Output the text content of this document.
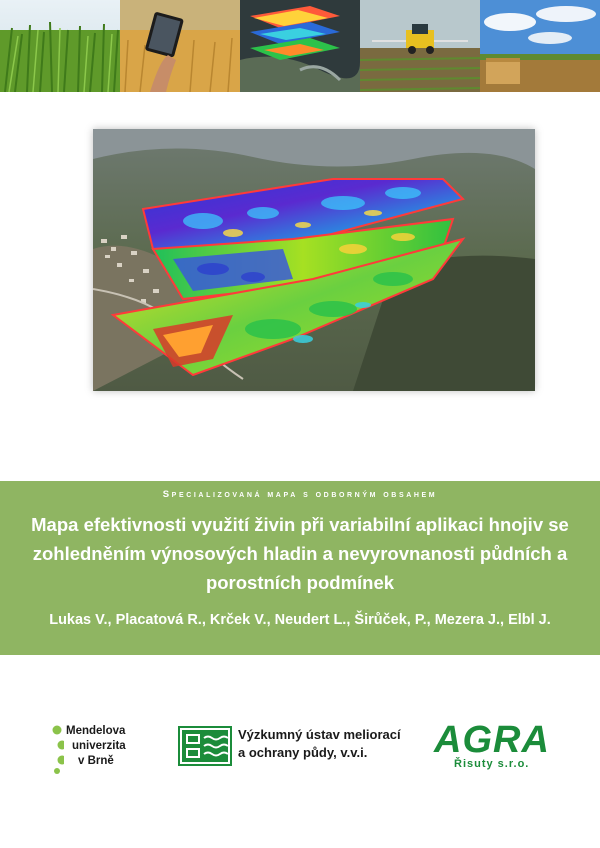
Specializovaná mapa s odborným obsahem
Mapa efektivnosti využití živin při variabilní aplikaci hnojiv se
zohledněním výnosových hladin a nevyrovnanosti půdních a
porostních podmínek
Lukas V., Placatová R., Krček V., Neudert L., Širůček, P., Mezera J., Elbl J.
Mendelova
univerzita
v Brně
Výzkumný ústav meliorací
a ochrany půdy, v.v.i.	AGRA
Řisuty s.r.o.
